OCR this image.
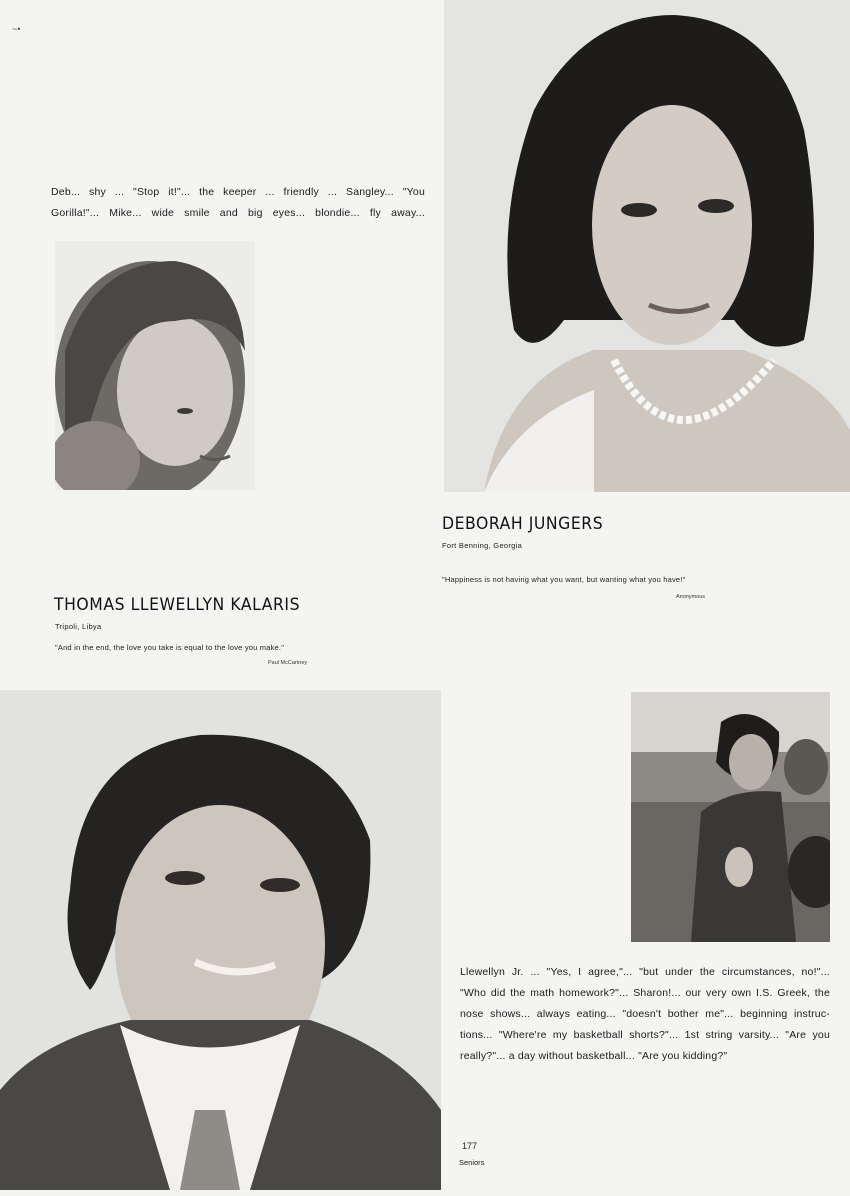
~•
Deb... shy ... "Stop it!"... the keeper ... friendly ... Sangley... "You
Gorilla!"... Mike... wide smile and big eyes... blondie... fly away...
DEBORAH JUNGERS
Fort Benning, Georgia
"Happiness is not having what you want, but wanting what you have!"
Anonymous
THOMAS LLEWELLYN KALARIS
Tripoli, Libya
"And in the end, the love you take is equal to the love you make."
Paul McCartney
Llewellyn Jr. ... "Yes, I agree,"... "but under the circumstances, no!"...
"Who did the math homework?"... Sharon!... our very own I.S. Greek, the
nose shows... always eating... "doesn't bother me"... beginning instruc-
tions... "Where're my basketball shorts?"... 1st string varsity... "Are you
really?"... a day without basketball... "Are you kidding?"
177
Seniors
